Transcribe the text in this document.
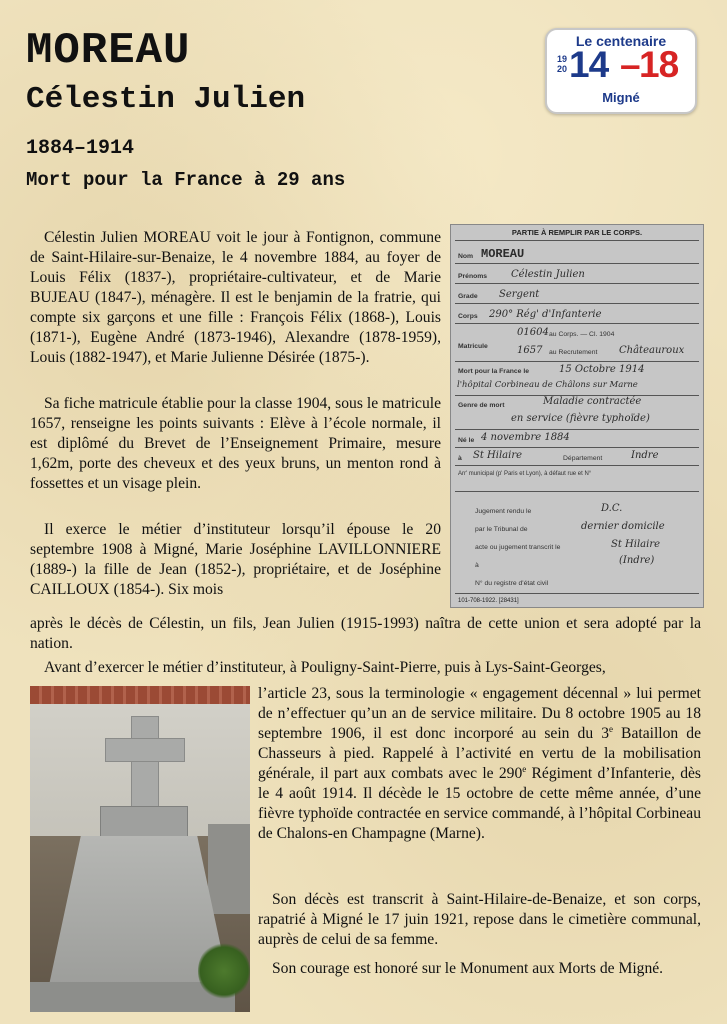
MOREAU
Célestin Julien
1884–1914
Mort pour la France à 29 ans
Le centenaire
19
20 14 –
18
Migné

Célestin Julien MOREAU voit le jour à Fontignon, commune de Saint-Hilaire-sur-Benaize, le 4 novembre 1884, au foyer de Louis Félix (1837-), propriétaire-cultivateur, et de Marie BUJEAU (1847-), ménagère. Il est le benjamin de la fratrie, qui compte six garçons et une fille : François Félix (1868-), Louis (1871-), Eugène André (1873-1946), Alexandre (1878-1959), Louis (1882-1947), et Marie Julienne Désirée (1875-).

Sa fiche matricule établie pour la classe 1904, sous le matricule 1657, renseigne les points suivants : Elève à l’école normale, il est diplômé du Brevet de l’Enseignement Primaire, mesure 1,62m, porte des cheveux et des yeux bruns, un menton rond à fossettes et un visage plein.

Il exerce le métier d’instituteur lorsqu’il épouse le 20 septembre 1908 à Migné, Marie Joséphine LAVILLONNIERE (1889-) la fille de Jean (1852-), propriétaire, et de Joséphine CAILLOUX (1854-). Six mois

après le décès de Célestin, un fils, Jean Julien (1915-1993) naîtra de cette union et sera adopté par la nation.

Avant d’exercer le métier d’instituteur, à Pouligny-Saint-Pierre, puis à Lys-Saint-Georges,

l’article 23, sous la terminologie « engagement décennal » lui permet de n’effectuer qu’un an de service militaire. Du 8 octobre 1905 au 18 septembre 1906, il est donc incorporé au sein du 3e Bataillon de Chasseurs à pied. Rappelé à l’activité en vertu de la mobilisation générale, il part aux combats avec le 290e Régiment d’Infanterie, dès le 4 août 1914. Il décède le 15 octobre de cette même année, d’une fièvre typhoïde contractée en service commandé, à l’hôpital Corbineau de Chalons-en Champagne (Marne).

Son décès est transcrit à Saint-Hilaire-de-Benaize, et son corps, rapatrié à Migné le 17 juin 1921, repose dans le cimetière communal, auprès de celui de sa femme.

Son courage est honoré sur le Monument aux Morts de Migné.

PARTIE À REMPLIR PAR LE CORPS.
Nom MOREAU
Prénoms Célestin Julien
Grade Sergent
Corps 290° Rég' d'Infanterie
Matricule
01604 au Corps. — Cl. 1904
1657 au Recrutement Châteauroux
Mort pour la France le	15 Octobre 1914
l'hôpital Corbineau de Châlons sur Marne
Genre de mort	Maladie contractée
en service (fièvre typhoïde)
Né le 4 novembre 1884
à St Hilaire	Département	Indre
Arr' municipal (p' Paris et Lyon), à défaut rue et N°
Jugement rendu le	D.C.
par le Tribunal de	dernier domicile
acte ou jugement transcrit le	St Hilaire
à	(Indre)
N° du registre d'état civil
101-708-1922. [28431]
